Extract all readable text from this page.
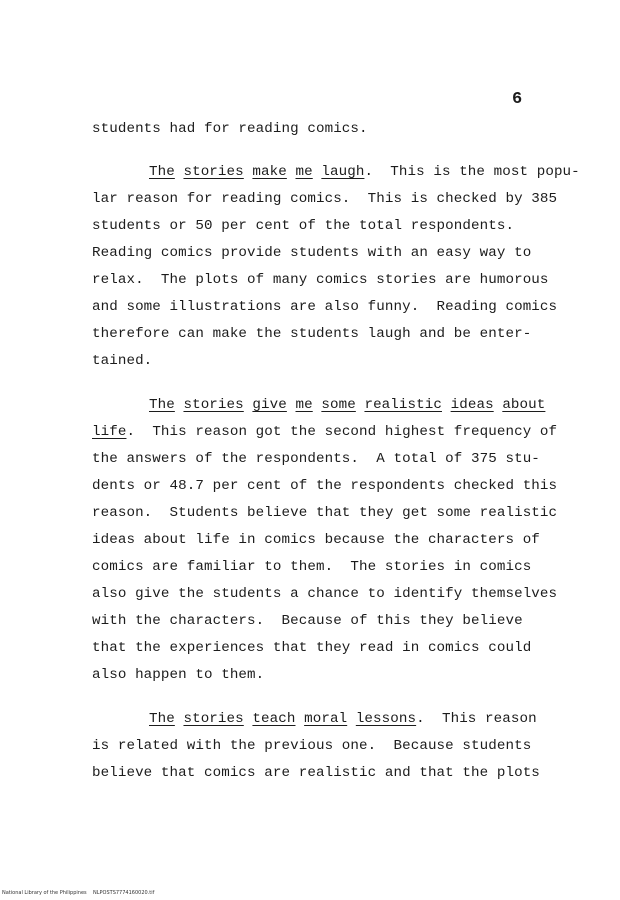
6
students had for reading comics.
The stories make me laugh.  This is the most popu-
lar reason for reading comics.  This is checked by 385
students or 50 per cent of the total respondents.
Reading comics provide students with an easy way to
relax.  The plots of many comics stories are humorous
and some illustrations are also funny.  Reading comics
therefore can make the students laugh and be enter-
tained.
The stories give me some realistic ideas about
life.  This reason got the second highest frequency of
the answers of the respondents.  A total of 375 stu-
dents or 48.7 per cent of the respondents checked this
reason.  Students believe that they get some realistic
ideas about life in comics because the characters of
comics are familiar to them.  The stories in comics
also give the students a chance to identify themselves
with the characters.  Because of this they believe
that the experiences that they read in comics could
also happen to them.
The stories teach moral lessons.  This reason
is related with the previous one.  Because students
believe that comics are realistic and that the plots
National Library of the Philippines    NLPOSTS7774160020.tif
